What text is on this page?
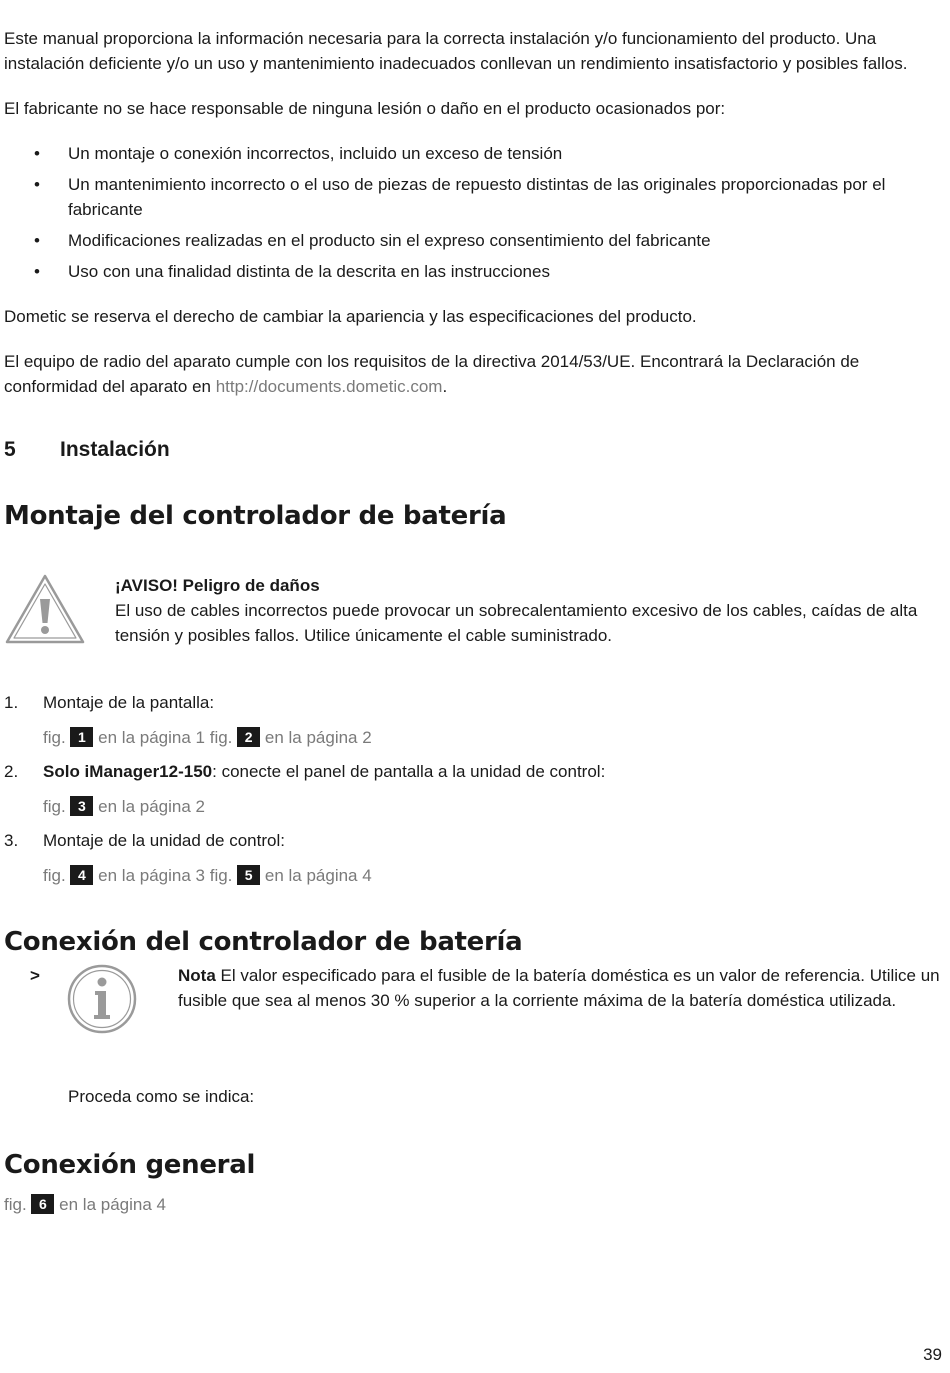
Este manual proporciona la información necesaria para la correcta instalación y/o funcionamiento del producto. Una instalación deficiente y/o un uso y mantenimiento inadecuados conllevan un rendimiento insatisfactorio y posibles fallos.

El fabricante no se hace responsable de ninguna lesión o daño en el producto ocasionados por:

• Un montaje o conexión incorrectos, incluido un exceso de tensión
• Un mantenimiento incorrecto o el uso de piezas de repuesto distintas de las originales proporcionadas por el fabricante
• Modificaciones realizadas en el producto sin el expreso consentimiento del fabricante
• Uso con una finalidad distinta de la descrita en las instrucciones

Dometic se reserva el derecho de cambiar la apariencia y las especificaciones del producto.

El equipo de radio del aparato cumple con los requisitos de la directiva 2014/53/UE. Encontrará la Declaración de conformidad del aparato en http://documents.dometic.com.

5	Instalación
Montaje del controlador de batería
¡AVISO! Peligro de daños
El uso de cables incorrectos puede provocar un sobrecalentamiento excesivo de los cables, caídas de alta tensión y posibles fallos. Utilice únicamente el cable suministrado.
1. Montaje de la pantalla:
fig. 1 en la página 1 fig. 2 en la página 2
2. Solo iManager12-150: conecte el panel de pantalla a la unidad de control:
fig. 3 en la página 2
3. Montaje de la unidad de control:
fig. 4 en la página 3 fig. 5 en la página 4
Conexión del controlador de batería
>	Nota El valor especificado para el fusible de la batería doméstica es un valor de referencia. Utilice un fusible que sea al menos 30 % superior a la corriente máxima de la batería doméstica utilizada.

Proceda como se indica:

Conexión general
fig. 6 en la página 4
39
